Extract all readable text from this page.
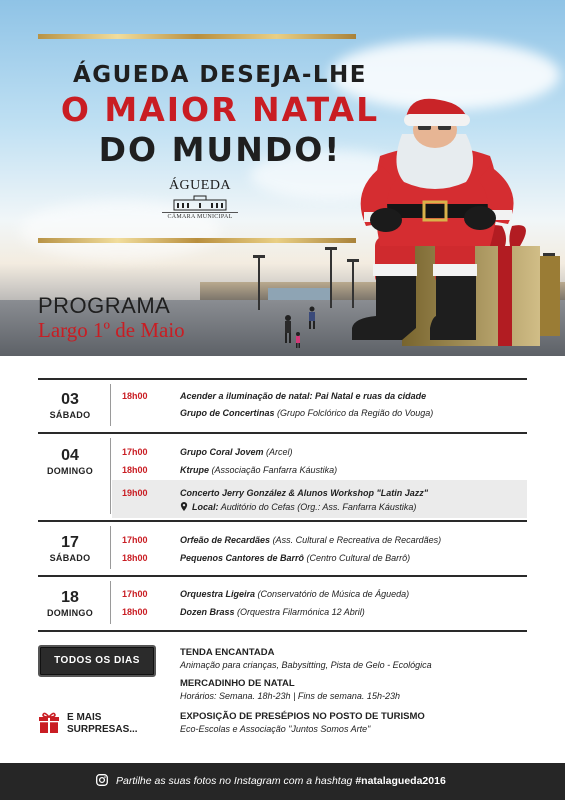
ÁGUEDA DESEJA-LHE
O MAIOR NATAL
DO MUNDO!
ÁGUEDA
CÂMARA MUNICIPAL
PROGRAMA
Largo 1º de Maio
03
SÁBADO
18h00	Acender a iluminação de natal: Pai Natal e ruas da cidade
Grupo de Concertinas (Grupo Folclórico da Região do Vouga)
04
DOMINGO
17h00	Grupo Coral Jovem (Arcel)
18h00	Ktrupe (Associação Fanfarra Káustika)
19h00	Concerto Jerry González & Alunos Workshop "Latin Jazz"
Local: Auditório do Cefas (Org.: Ass. Fanfarra Káustika)
17
SÁBADO
17h00	Orfeão de Recardães (Ass. Cultural e Recreativa de Recardães)
18h00	Pequenos Cantores de Barrô (Centro Cultural de Barrô)
18
DOMINGO
17h00	Orquestra Ligeira (Conservatório de Música de Águeda)
18h00	Dozen Brass (Orquestra Filarmónica 12 Abril)
TODOS OS DIAS
E MAIS
SURPRESAS...
TENDA ENCANTADA
Animação para crianças, Babysitting, Pista de Gelo - Ecológica
MERCADINHO DE NATAL
Horários: Semana. 18h-23h | Fins de semana. 15h-23h
EXPOSIÇÃO DE PRESÉPIOS NO POSTO DE TURISMO
Eco-Escolas e Associação "Juntos Somos Arte"
Partilhe as suas fotos no Instagram com a hashtag #natalagueda2016
